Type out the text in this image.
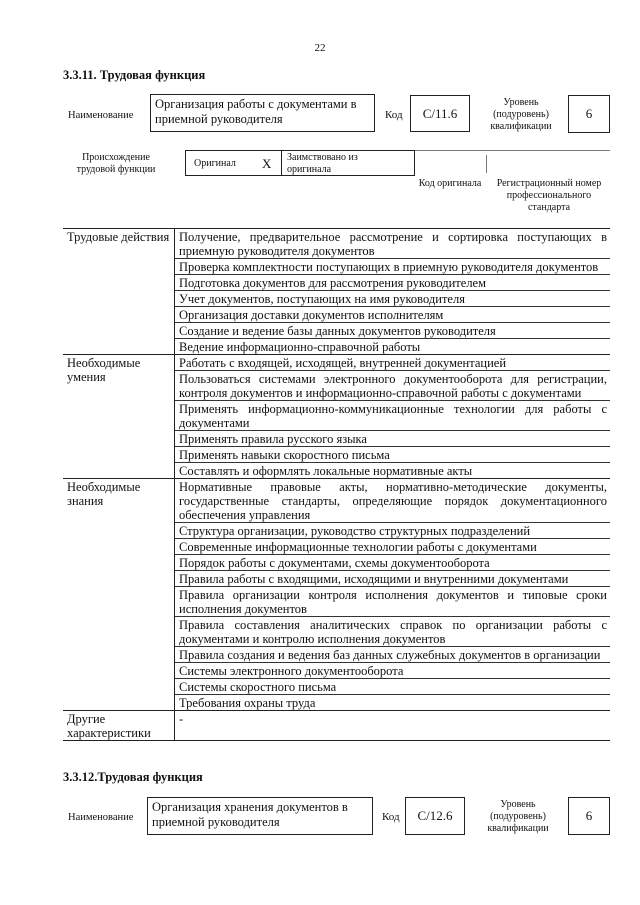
22
3.3.11. Трудовая функция
Наименование
Организация работы с документами в приемной руководителя	Код С/11.6
Уровень (подуровень) квалификации
6
Происхождение трудовой функции
Оригинал Х Заимствовано из оригинала
Код оригинала	Регистрационный номер профессионального стандарта
Трудовые действия	Получение, предварительное рассмотрение и сортировка поступающих в приемную руководителя документов
	Проверка комплектности поступающих в приемную руководителя документов
	Подготовка документов для рассмотрения руководителем
	Учет документов, поступающих на имя руководителя
	Организация доставки документов исполнителям
	Создание и ведение базы данных документов руководителя
	Ведение информационно-справочной работы
Необходимые умения	Работать с входящей, исходящей, внутренней документацией
	Пользоваться системами электронного документооборота для регистрации, контроля документов и информационно-справочной работы с документами
	Применять информационно-коммуникационные технологии для работы с документами
	Применять правила русского языка
	Применять навыки скоростного письма
	Составлять и оформлять локальные нормативные акты
Необходимые знания	Нормативные правовые акты, нормативно-методические документы, государственные стандарты, определяющие порядок документационного обеспечения управления
	Структура организации, руководство структурных подразделений
	Современные информационные технологии работы с документами
	Порядок работы с документами, схемы документооборота
	Правила работы с входящими, исходящими и внутренними документами
	Правила организации контроля исполнения документов и типовые сроки исполнения документов
	Правила составления аналитических справок по организации работы с документами и контролю исполнения документов
	Правила создания и ведения баз данных служебных документов в организации
	Системы электронного документооборота
	Системы скоростного письма
	Требования охраны труда
Другие характеристики	-
3.3.12.Трудовая функция
Наименование
Организация хранения документов в приемной руководителя	Код С/12.6
Уровень (подуровень) квалификации
6
